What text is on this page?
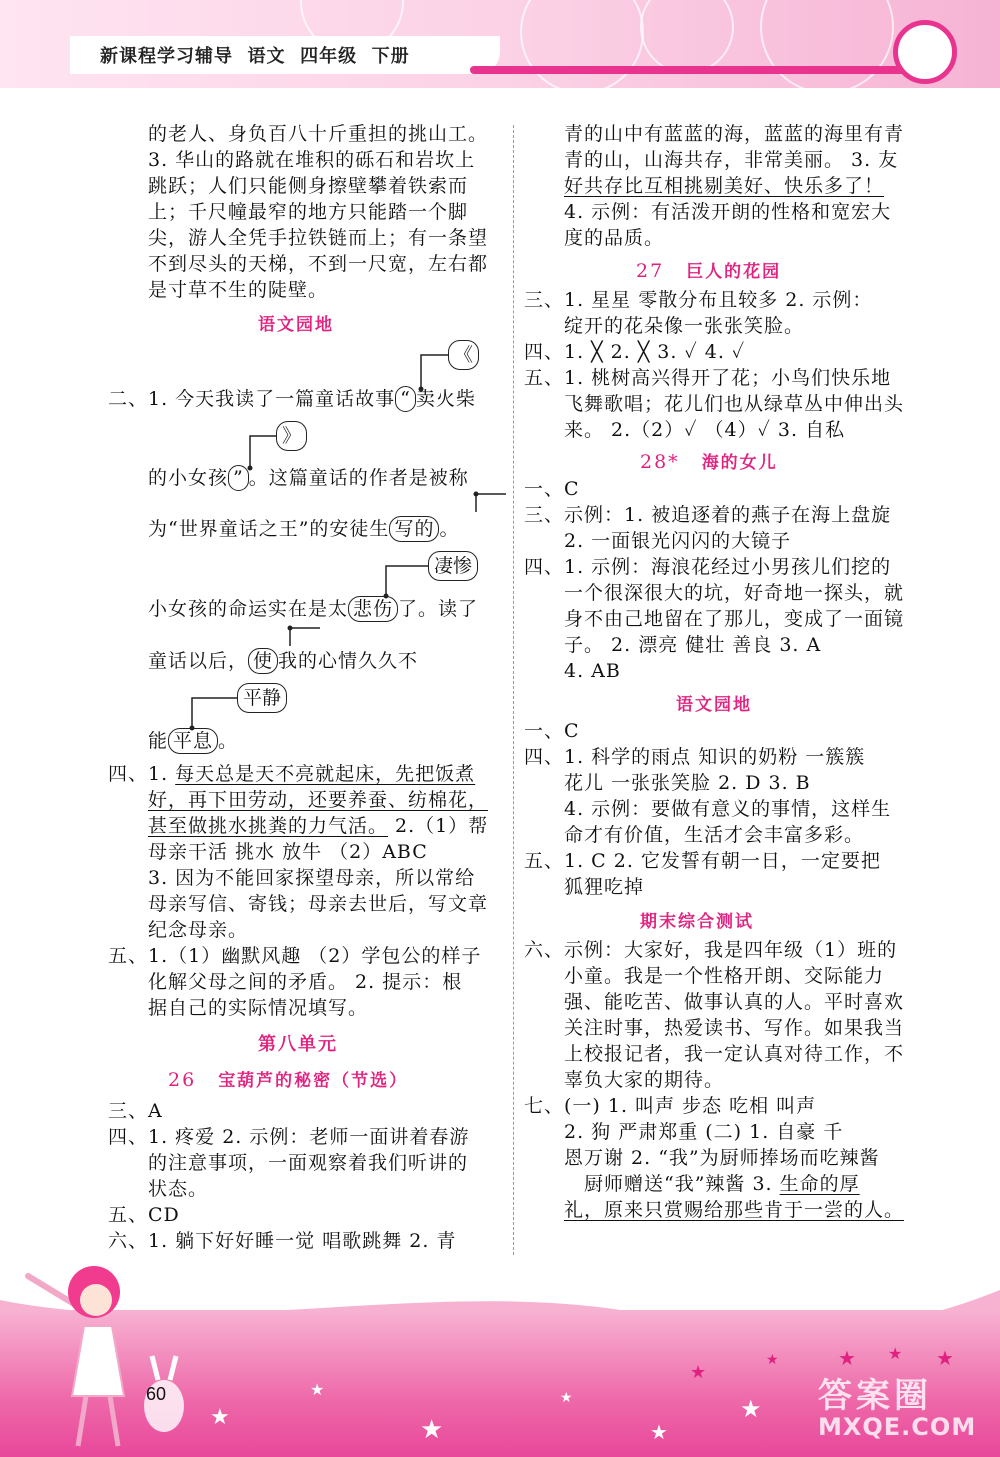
新课程学习辅导  语文  四年级  下册
的老人、身负百八十斤重担的挑山工。
3. 华山的路就在堆积的砾石和岩坎上
跳跃；人们只能侧身擦壁攀着铁索而
上；千尺幢最窄的地方只能踏一个脚
尖，游人全凭手拉铁链而上；有一条望
不到尽头的天梯，不到一尺宽，左右都
是寸草不生的陡壁。
语文园地
《
二、1. 今天我读了一篇童话故事 “ 卖火柴
》
的小女孩 ” 。这篇童话的作者是被称
为“世界童话之王”的安徒生 写的 。
凄惨
小女孩的命运实在是太 悲伤 了。读了
童话以后， 使 我的心情久久不
平静
能 平息 。
四、1. 每天总是天不亮就起床，先把饭煮
好，再下田劳动，还要养蚕、纺棉花，
甚至做挑水挑粪的力气活。 2.（1）帮
母亲干活 挑水 放牛 （2）ABC
3. 因为不能回家探望母亲，所以常给
母亲写信、寄钱；母亲去世后，写文章
纪念母亲。
五、1.（1）幽默风趣 （2）学包公的样子
化解父母之间的矛盾。 2. 提示：根
据自己的实际情况填写。
第八单元
26 宝葫芦的秘密（节选）
三、A
四、1. 疼爱 2. 示例：老师一面讲着春游
的注意事项，一面观察着我们听讲的
状态。
五、CD
六、1. 躺下好好睡一觉 唱歌跳舞 2. 青
青的山中有蓝蓝的海，蓝蓝的海里有青
青的山，山海共存，非常美丽。 3. 友
好共存比互相挑剔美好、快乐多了！
4. 示例：有活泼开朗的性格和宽宏大
度的品质。
27 巨人的花园
三、1. 星星 零散分布且较多 2. 示例：
绽开的花朵像一张张笑脸。
四、1. ╳ 2. ╳ 3. ✓ 4. ✓
五、1. 桃树高兴得开了花；小鸟们快乐地
飞舞歌唱；花儿们也从绿草丛中伸出头
来。 2.（2）✓ （4）✓ 3. 自私
28* 海的女儿
一、C
三、示例：1. 被追逐着的燕子在海上盘旋
2. 一面银光闪闪的大镜子
四、1. 示例：海浪花经过小男孩儿们挖的
一个很深很大的坑，好奇地一探头，就
身不由己地留在了那儿，变成了一面镜
子。 2. 漂亮 健壮 善良 3. A
4. AB
语文园地
一、C
四、1. 科学的雨点 知识的奶粉 一簇簇
花儿 一张张笑脸 2. D 3. B
4. 示例：要做有意义的事情，这样生
命才有价值，生活才会丰富多彩。
五、1. C 2. 它发誓有朝一日，一定要把
狐狸吃掉
期末综合测试
六、示例：大家好，我是四年级（1）班的
小童。我是一个性格开朗、交际能力
强、能吃苦、做事认真的人。平时喜欢
关注时事，热爱读书、写作。如果我当
上校报记者，我一定认真对待工作，不
辜负大家的期待。
七、(一) 1. 叫声 步态 吃相 叫声
2. 狗 严肃郑重 (二) 1. 自豪 千
恩万谢 2. “我”为厨师捧场而吃辣酱
厨师赠送“我”辣酱 3. 生命的厚
礼，原来只赏赐给那些肯于一尝的人。
60
★
★
★
★
★
★
★
★	★ ★ ★
答案圈
MXQE.COM
